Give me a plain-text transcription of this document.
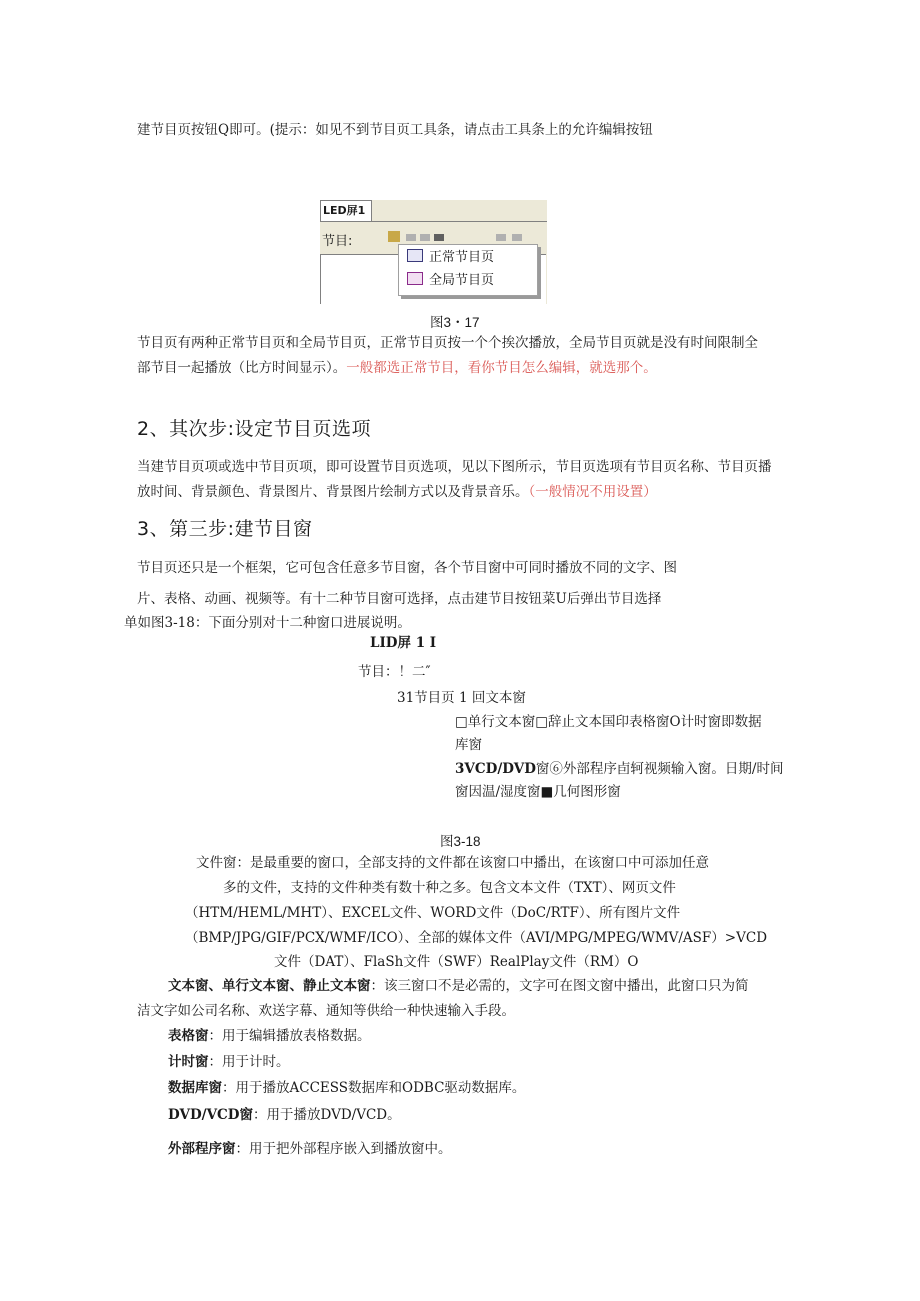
建节目页按钮Q即可。(提示：如见不到节目页工具条，请点击工具条上的允许编辑按钮
LED屏1
节目:
正常节目页
全局节目页
图3・17
节目页有两种正常节目页和全局节目页，正常节目页按一个个挨次播放，全局节目页就是没有时间限制全
部节目一起播放（比方时间显示）。一般都选正常节目，看你节目怎么编辑，就选那个。
2、其次步:设定节目页选项
当建节目页项或选中节目页项，即可设置节目页选项，见以下图所示，节目页选项有节目页名称、节目页播
放时间、背景颜色、背景图片、背景图片绘制方式以及背景音乐。（一般情况不用设置）
3、第三步:建节目窗
节目页还只是一个框架，它可包含任意多节目窗，各个节目窗中可同时播放不同的文字、图
片、表格、动画、视频等。有十二种节目窗可选择，点击建节目按钮菜U后弹出节目选择
单如图3-18：下面分别对十二种窗口进展说明。
LID屏 1 I
节目：！二″
31节目页 1 回文本窗
□单行文本窗□辞止文本国印表格窗O计时窗即数据
库窗
3VCD/DVD窗⑥外部程序卣轲视频输入窗。日期/时间
窗因温/湿度窗■几何图形窗
图3-18
文件窗：是最重要的窗口，全部支持的文件都在该窗口中播出，在该窗口中可添加任意
多的文件，支持的文件种类有数十种之多。包含文本文件（TXT）、网页文件
（HTM/HEML/MHT）、EXCEL文件、WORD文件（DoC/RTF）、所有图片文件
（BMP/JPG/GIF/PCX/WMF/ICO）、全部的媒体文件（AVI/MPG/MPEG/WMV/ASF）>VCD
文件（DAT）、FlaSh文件（SWF）RealPlay文件（RM）O
文本窗、单行文本窗、静止文本窗：该三窗口不是必需的，文字可在图文窗中播出，此窗口只为简
洁文字如公司名称、欢送字幕、通知等供给一种快速输入手段。
表格窗：用于编辑播放表格数据。
计时窗：用于计时。
数据库窗：用于播放ACCESS数据库和ODBC驱动数据库。
DVD/VCD窗：用于播放DVD/VCD。
外部程序窗：用于把外部程序嵌入到播放窗中。
